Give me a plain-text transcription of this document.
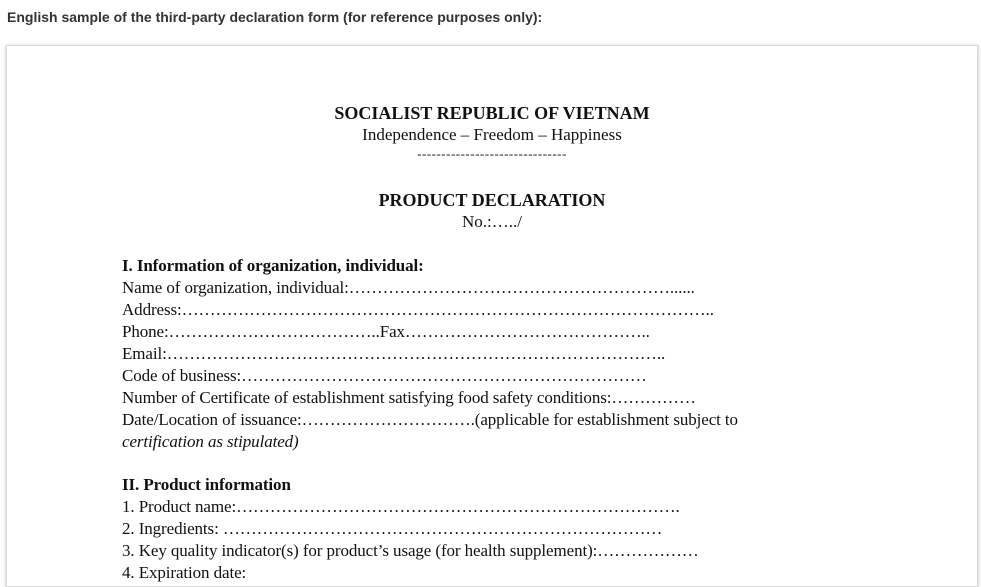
English sample of the third-party declaration form (for reference purposes only):
SOCIALIST REPUBLIC OF VIETNAM
Independence – Freedom – Happiness
-------------------------------
PRODUCT DECLARATION
No.:…../
I. Information of organization, individual:
Name of organization, individual:…………………………………………………......
Address:…………………………………………………………………………………..
Phone:………………………………..Fax……………………………………..
Email:……………………………………………………………………………..
Code of business:………………………………………………………………
Number of Certificate of establishment satisfying food safety conditions:……………
Date/Location of issuance:………………………….(applicable for establishment subject to
certification as stipulated)
II. Product information
1. Product name:…………………………………………………………………….
2. Ingredients: ……………………………………………………………………
3. Key quality indicator(s) for product’s usage (for health supplement):………………
4. Expiration date:
